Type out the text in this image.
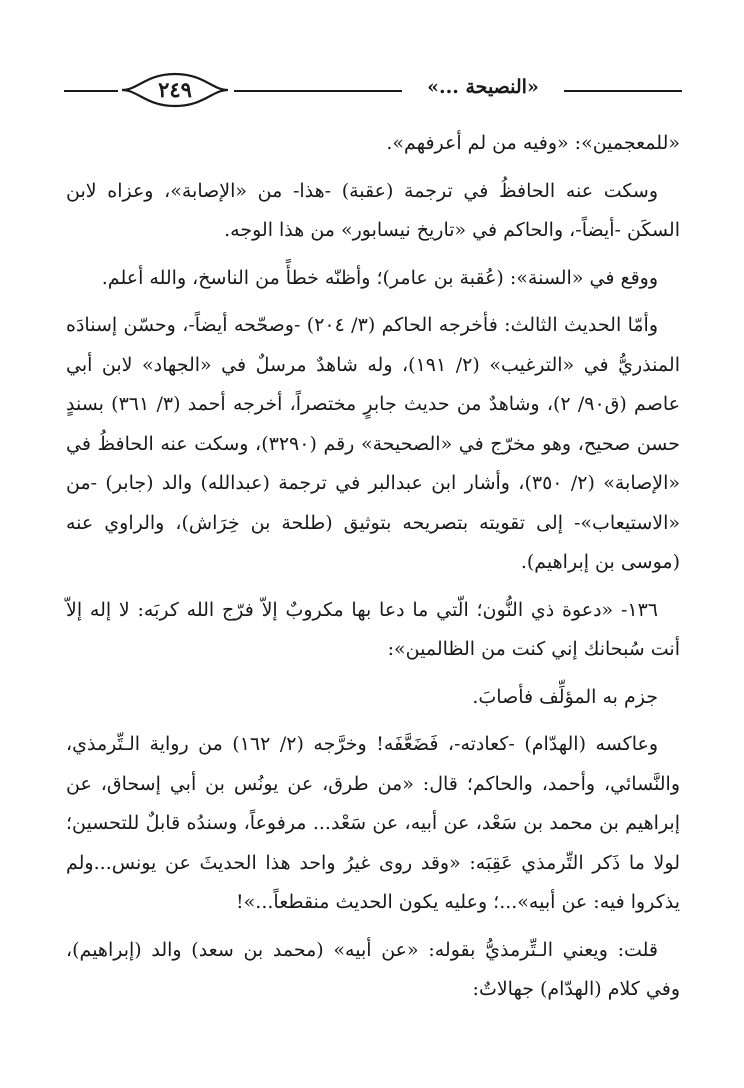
٢٤٩	«النصيحة ...»

«للمعجمين»: «وفيه من لم أعرفهم».

وسكت عنه الحافظُ في ترجمة (عقبة) -هذا- من «الإصابة»، وعزاه لابن السكَن -أيضاً-، والحاكم في «تاريخ نيسابور» من هذا الوجه.

ووقع في «السنة»: (عُقبة بن عامر)؛ وأظنّه خطأً من الناسخ، والله أعلم.

وأمّا الحديث الثالث: فأخرجه الحاكم (٣/ ٢٠٤) -وصحّحه أيضاً-، وحسّن إسنادَه المنذريُّ في «الترغيب» (٢/ ١٩١)، وله شاهدٌ مرسلٌ في «الجهاد» لابن أبي عاصم (ق٩٠/ ٢)، وشاهدٌ من حديث جابرٍ مختصراً، أخرجه أحمد (٣/ ٣٦١) بسندٍ حسن صحيح، وهو مخرّج في «الصحيحة» رقم (٣٢٩٠)، وسكت عنه الحافظُ في «الإصابة» (٢/ ٣٥٠)، وأشار ابن عبدالبر في ترجمة (عبدالله) والد (جابر) -من «الاستيعاب»- إلى تقويته بتصريحه بتوثيق (طلحة بن خِرَاش)، والراوي عنه (موسى بن إبراهيم).

١٣٦- «دعوة ذي النُّون؛ الّتي ما دعا بها مكروبٌ إلاّ فرّج الله كربَه: لا إله إلاّ أنت سُبحانك إني كنت من الظالمين»:

جزم به المؤلِّف فأصابَ.

وعاكسه (الهدّام) -كعادته-، فَضَعَّفَه! وخرَّجه (٢/ ١٦٢) من رواية الـتِّرمذي، والنَّسائي، وأحمد، والحاكم؛ قال: «من طرق، عن يونُس بن أبي إسحاق، عن إبراهيم بن محمد بن سَعْد، عن أبيه، عن سَعْد... مرفوعاً، وسندُه قابلٌ للتحسين؛ لولا ما ذَكر التِّرمذي عَقِبَه: «وقد روى غيرُ واحد هذا الحديثَ عن يونس...ولم يذكروا فيه: عن أبيه»...؛ وعليه يكون الحديث منقطعاً...»!

قلت: ويعني الـتِّرمذيُّ بقوله: «عن أبيه» (محمد بن سعد) والد (إبراهيم)، وفي كلام (الهدّام) جهالاتٌ:
